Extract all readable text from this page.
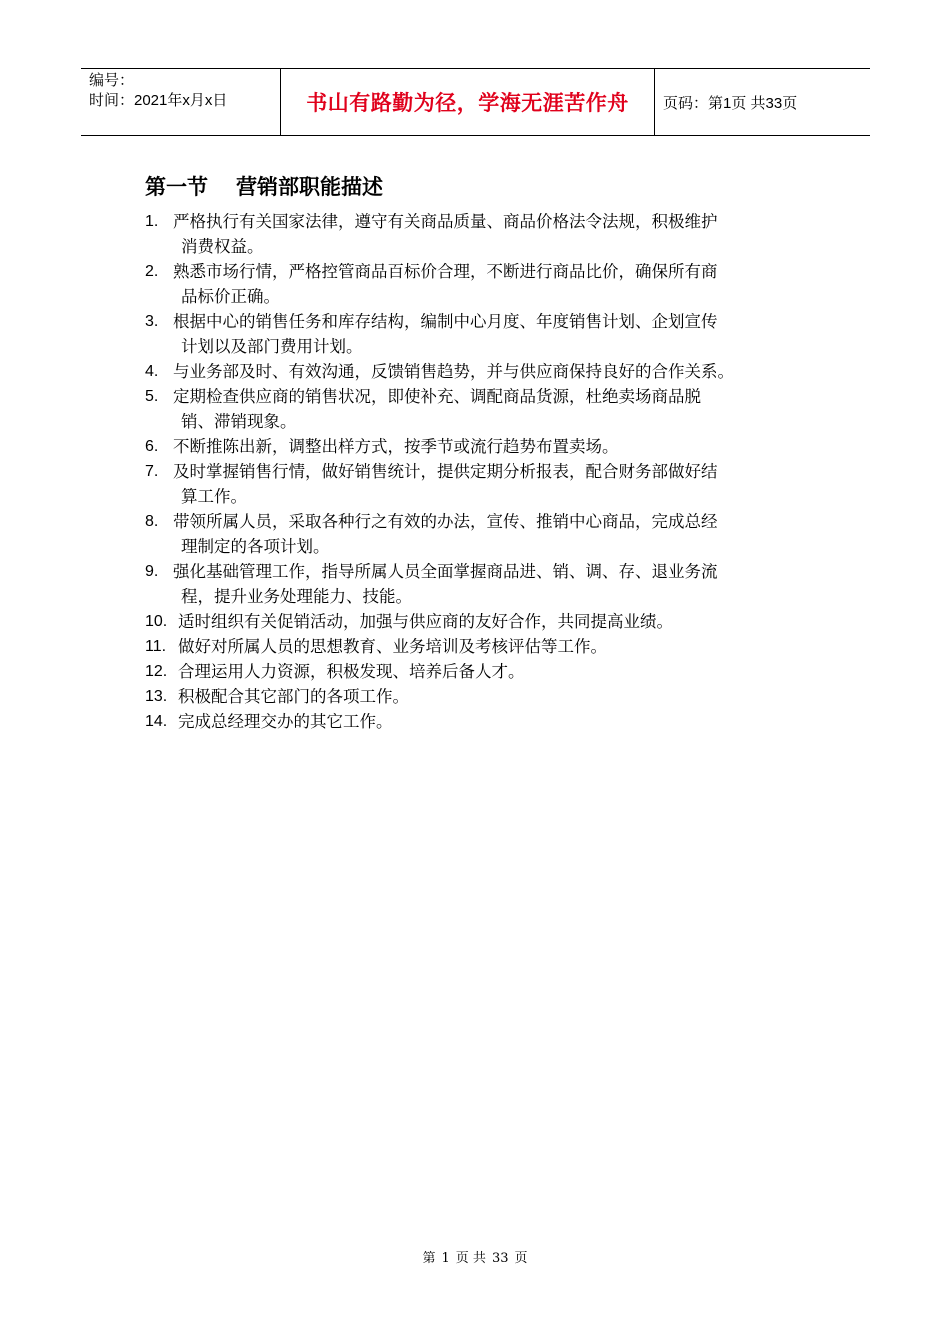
编号：
时间：2021年x月x日	书山有路勤为径，学海无涯苦作舟	页码：第1页 共33页
第一节 营销部职能描述
1. 严格执行有关国家法律，遵守有关商品质量、商品价格法令法规，积极维护
消费权益。
2. 熟悉市场行情，严格控管商品百标价合理，不断进行商品比价，确保所有商
品标价正确。
3. 根据中心的销售任务和库存结构，编制中心月度、年度销售计划、企划宣传
计划以及部门费用计划。
4. 与业务部及时、有效沟通，反馈销售趋势，并与供应商保持良好的合作关系。
5. 定期检查供应商的销售状况，即使补充、调配商品货源，杜绝卖场商品脱
销、滞销现象。
6. 不断推陈出新，调整出样方式，按季节或流行趋势布置卖场。
7. 及时掌握销售行情，做好销售统计，提供定期分析报表，配合财务部做好结
算工作。
8. 带领所属人员，采取各种行之有效的办法，宣传、推销中心商品，完成总经
理制定的各项计划。
9. 强化基础管理工作，指导所属人员全面掌握商品进、销、调、存、退业务流
程，提升业务处理能力、技能。
10. 适时组织有关促销活动，加强与供应商的友好合作，共同提高业绩。
11. 做好对所属人员的思想教育、业务培训及考核评估等工作。
12. 合理运用人力资源，积极发现、培养后备人才。
13. 积极配合其它部门的各项工作。
14. 完成总经理交办的其它工作。
第 1 页 共 33 页
